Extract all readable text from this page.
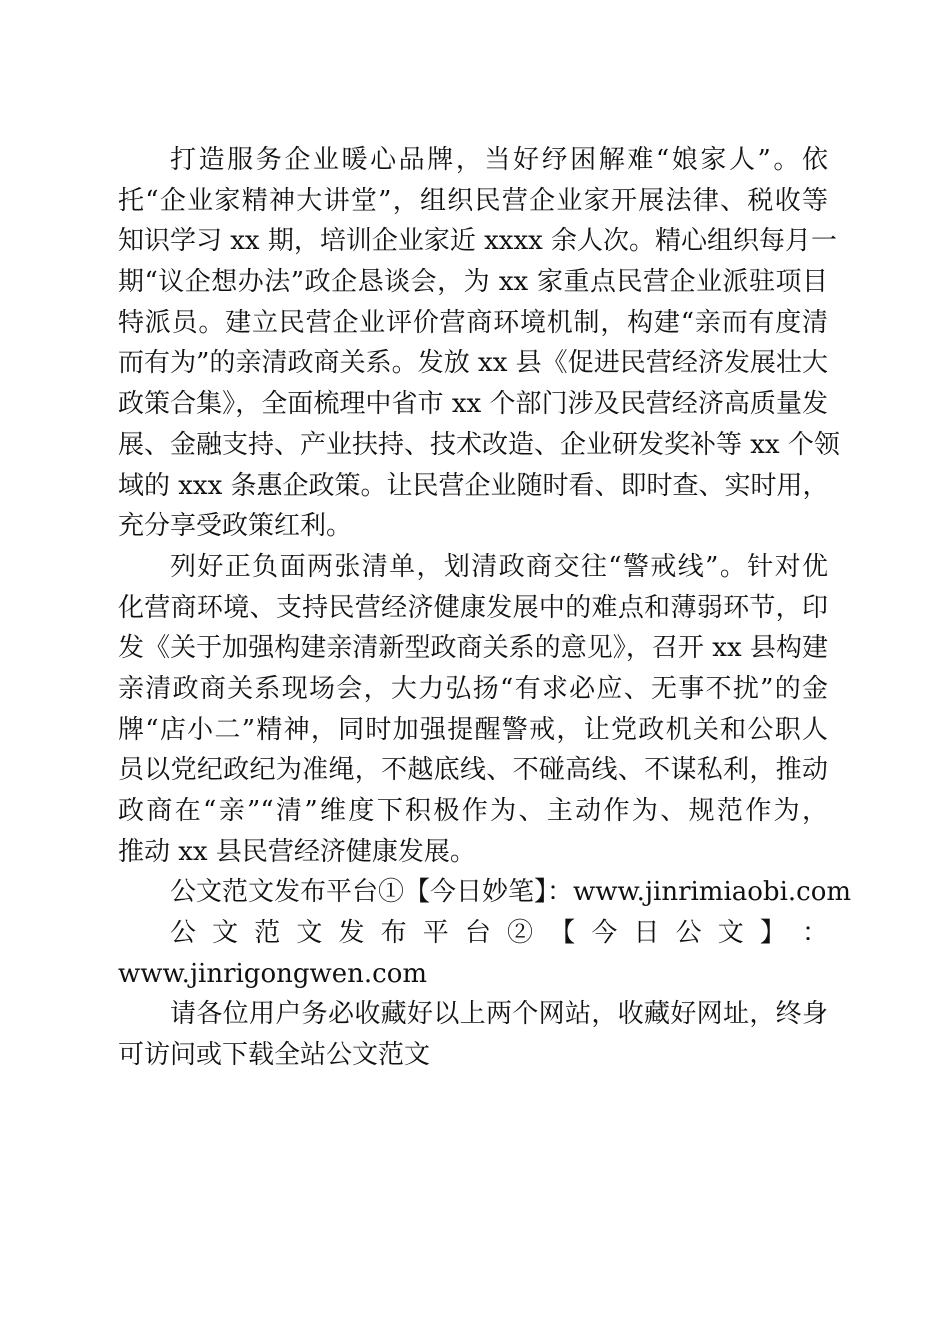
打造服务企业暖心品牌，当好纾困解难“娘家人”。依
托“企业家精神大讲堂”，组织民营企业家开展法律、税收等
知识学习 xx 期，培训企业家近 xxxx 余人次。精心组织每月一
期“议企想办法”政企恳谈会，为 xx 家重点民营企业派驻项目
特派员。建立民营企业评价营商环境机制，构建“亲而有度清
而有为”的亲清政商关系。发放 xx 县《促进民营经济发展壮大
政策合集》，全面梳理中省市 xx 个部门涉及民营经济高质量发
展、金融支持、产业扶持、技术改造、企业研发奖补等 xx 个领
域的 xxx 条惠企政策。让民营企业随时看、即时查、实时用，
充分享受政策红利。
列好正负面两张清单，划清政商交往“警戒线”。针对优
化营商环境、支持民营经济健康发展中的难点和薄弱环节，印
发《关于加强构建亲清新型政商关系的意见》，召开 xx 县构建
亲清政商关系现场会，大力弘扬“有求必应、无事不扰”的金
牌“店小二”精神，同时加强提醒警戒，让党政机关和公职人
员以党纪政纪为准绳，不越底线、不碰高线、不谋私利，推动
政商在“亲”“清”维度下积极作为、主动作为、规范作为，
推动 xx 县民营经济健康发展。
公文范文发布平台①【今日妙笔】：www.jinrimiaobi.com
公 文 范 文 发 布 平 台 ② 【 今 日 公 文 】 ：
www.jinrigongwen.com
请各位用户务必收藏好以上两个网站，收藏好网址，终身
可访问或下载全站公文范文
